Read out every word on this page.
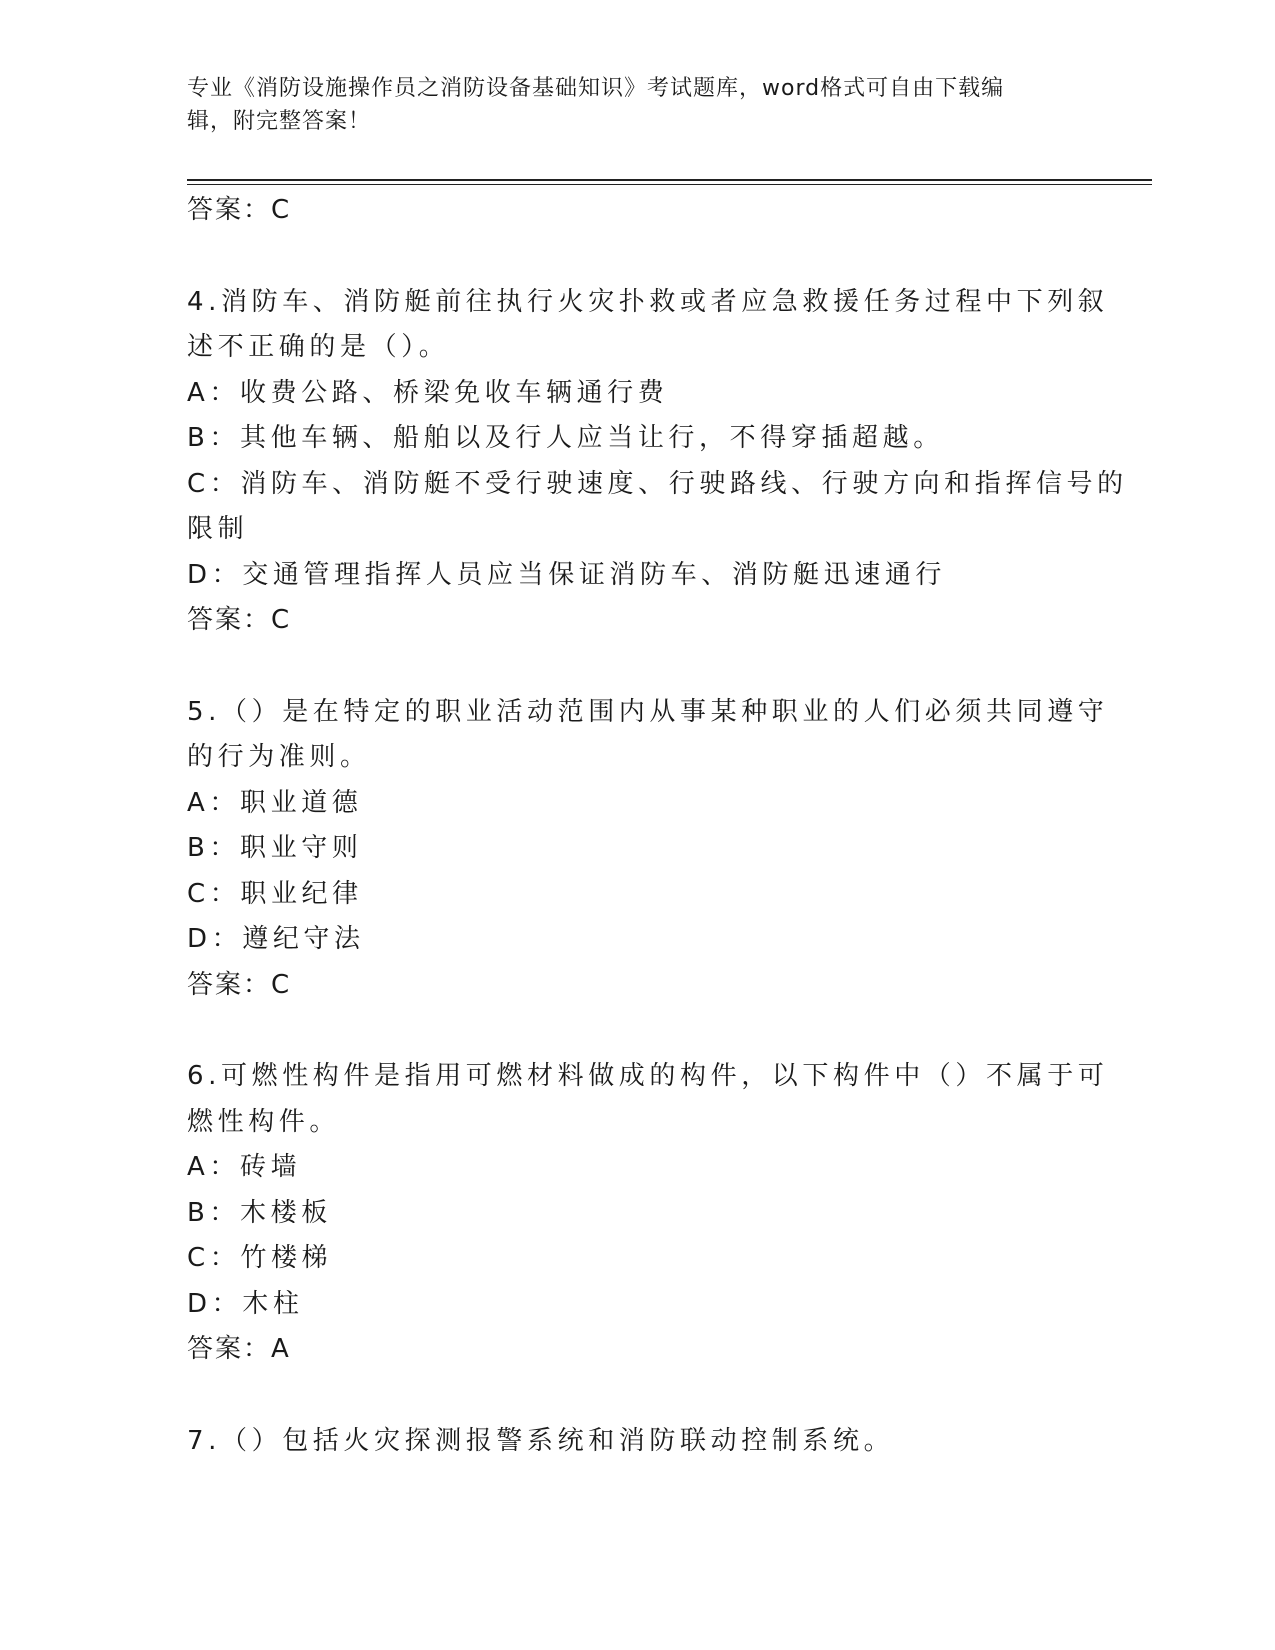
专业《消防设施操作员之消防设备基础知识》考试题库，word格式可自由下载编
辑，附完整答案！
答案：C
4.消防车、消防艇前往执行火灾扑救或者应急救援任务过程中下列叙
述不正确的是（）。
A：收费公路、桥梁免收车辆通行费
B：其他车辆、船舶以及行人应当让行，不得穿插超越。
C：消防车、消防艇不受行驶速度、行驶路线、行驶方向和指挥信号的
限制
D：交通管理指挥人员应当保证消防车、消防艇迅速通行
答案：C
5.（）是在特定的职业活动范围内从事某种职业的人们必须共同遵守
的行为准则。
A：职业道德
B：职业守则
C：职业纪律
D：遵纪守法
答案：C
6.可燃性构件是指用可燃材料做成的构件，以下构件中（）不属于可
燃性构件。
A：砖墙
B：木楼板
C：竹楼梯
D：木柱
答案：A
7.（）包括火灾探测报警系统和消防联动控制系统。
